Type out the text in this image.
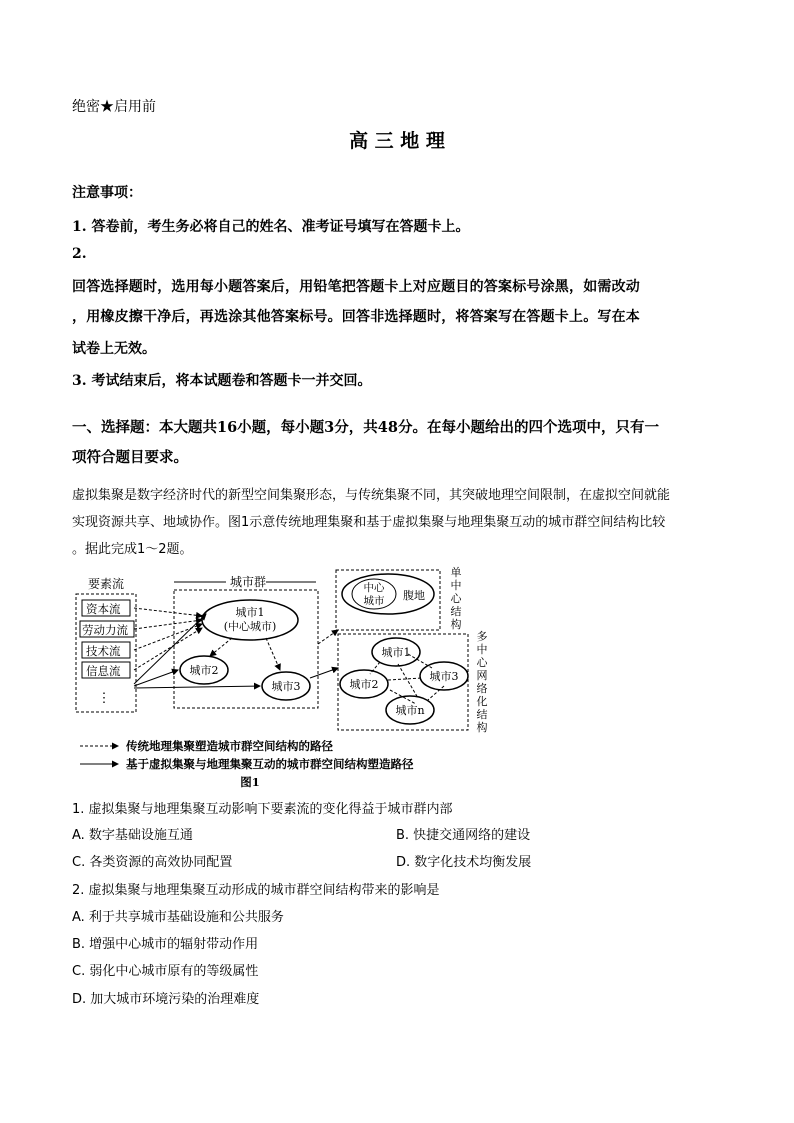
绝密★启用前
高 三 地 理
注意事项：
1. 答卷前，考生务必将自己的姓名、准考证号填写在答题卡上。
2.
回答选择题时，选用每小题答案后，用铅笔把答题卡上对应题目的答案标号涂黑，如需改动
，用橡皮擦干净后，再选涂其他答案标号。回答非选择题时，将答案写在答题卡上。写在本
试卷上无效。
3. 考试结束后，将本试题卷和答题卡一并交回。
一、选择题：本大题共16小题，每小题3分，共48分。在每小题给出的四个选项中，只有一
项符合题目要求。
虚拟集聚是数字经济时代的新型空间集聚形态，与传统集聚不同，其突破地理空间限制，在虚拟空间就能
实现资源共享、地域协作。图1示意传统地理集聚和基于虚拟集聚与地理集聚互动的城市群空间结构比较
。据此完成1～2题。
要素流
资本流
劳动力流
技术流
信息流
⋮
城市群
城市1
(中心城市)
城市2
城市3
中心
城市 腹地
单
中
心
结
构
城市1
城市2
城市3
城市n
多
中
心
网
络
化
结
构
传统地理集聚塑造城市群空间结构的路径
基于虚拟集聚与地理集聚互动的城市群空间结构塑造路径
图1
1. 虚拟集聚与地理集聚互动影响下要素流的变化得益于城市群内部
A. 数字基础设施互通	B. 快捷交通网络的建设
C. 各类资源的高效协同配置	D. 数字化技术均衡发展
2. 虚拟集聚与地理集聚互动形成的城市群空间结构带来的影响是
A. 利于共享城市基础设施和公共服务
B. 增强中心城市的辐射带动作用
C. 弱化中心城市原有的等级属性
D. 加大城市环境污染的治理难度
